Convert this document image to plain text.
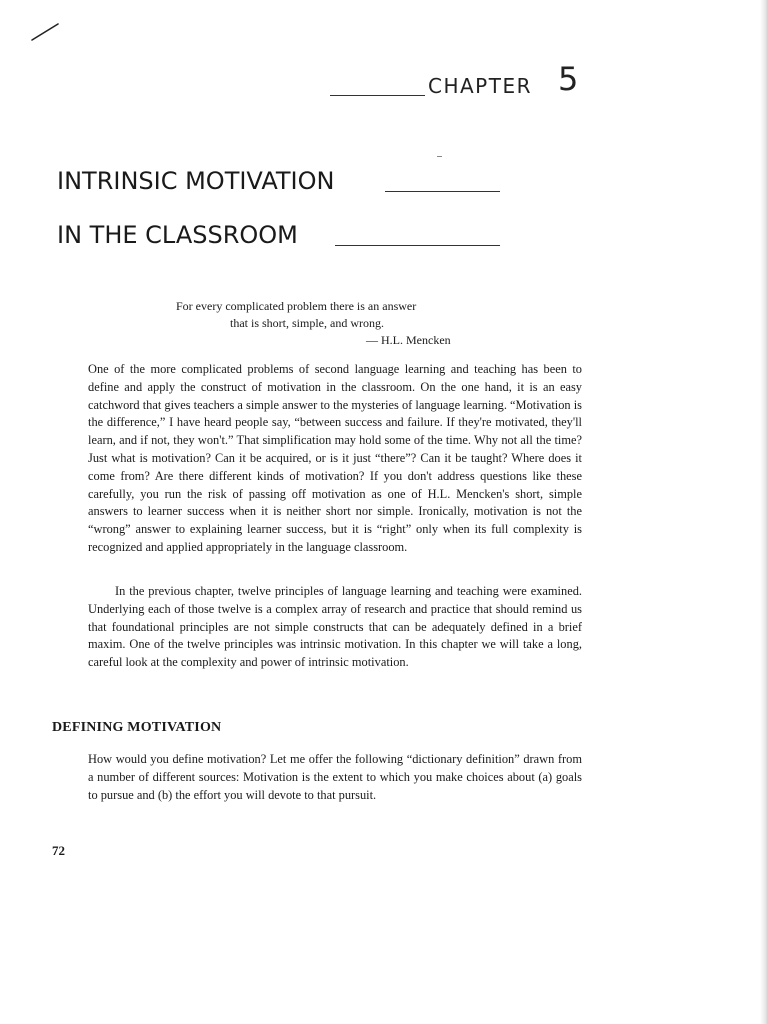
CHAPTER 5
INTRINSIC MOTIVATION
IN THE CLASSROOM
For every complicated problem there is an answer
that is short, simple, and wrong.
— H.L. Mencken

One of the more complicated problems of second language learning and teaching has been to define and apply the construct of motivation in the classroom. On the one hand, it is an easy catchword that gives teachers a simple answer to the mysteries of language learning. “Motivation is the difference,” I have heard people say, “between success and failure. If they're motivated, they'll learn, and if not, they won't.” That simplification may hold some of the time. Why not all the time? Just what is motivation? Can it be acquired, or is it just “there”? Can it be taught? Where does it come from? Are there different kinds of motivation? If you don't address questions like these carefully, you run the risk of passing off motivation as one of H.L. Mencken's short, simple answers to learner success when it is neither short nor simple. Ironically, motivation is not the “wrong” answer to explaining learner success, but it is “right” only when its full complexity is recognized and applied appropriately in the language classroom.

In the previous chapter, twelve principles of language learning and teaching were examined. Underlying each of those twelve is a complex array of research and practice that should remind us that foundational principles are not simple constructs that can be adequately defined in a brief maxim. One of the twelve principles was intrinsic motivation. In this chapter we will take a long, careful look at the complexity and power of intrinsic motivation.

DEFINING MOTIVATION

How would you define motivation? Let me offer the following “dictionary definition” drawn from a number of different sources: Motivation is the extent to which you make choices about (a) goals to pursue and (b) the effort you will devote to that pursuit.

72
